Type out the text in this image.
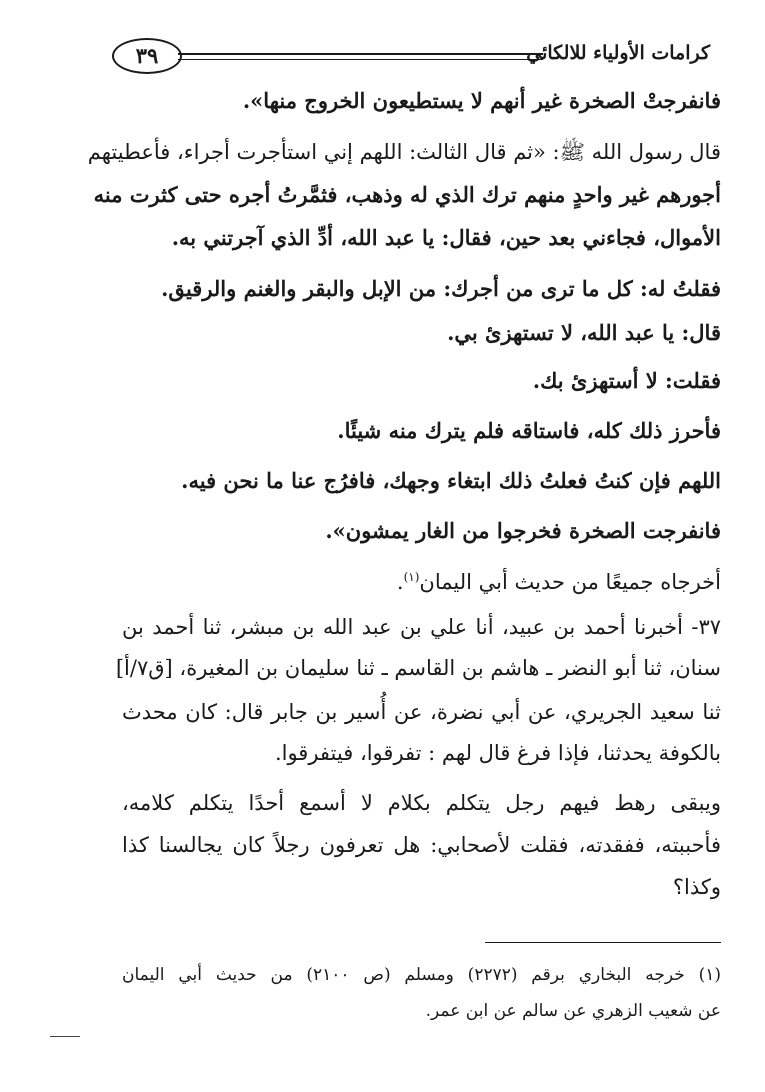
كرامات الأولياء للالكائي
٣٩
فانفرجتْ الصخرة غير أنهم لا يستطيعون الخروج منها».
قال رسول الله ﷺ: «ثم قال الثالث: اللهم إني استأجرت أجراء، فأعطيتهم
أجورهم غير واحدٍ منهم ترك الذي له وذهب، فثمَّرتُ أجره حتى كثرت منه
الأموال، فجاءني بعد حين، فقال: يا عبد الله، أدِّ الذي آجرتني به.
فقلتُ له: كل ما ترى من أجرك: من الإبل والبقر والغنم والرقيق.
قال: يا عبد الله، لا تستهزئ بي.
فقلت: لا أستهزئ بك.
فأحرز ذلك كله، فاستاقه فلم يترك منه شيئًا.
اللهم فإن كنتُ فعلتُ ذلك ابتغاء وجهك، فافرُج عنا ما نحن فيه.
فانفرجت الصخرة فخرجوا من الغار يمشون».
أخرجاه جميعًا من حديث أبي اليمان$^{(١)}$.
٣٧- أخبرنا أحمد بن عبيد، أنا علي بن عبد الله بن مبشر، ثنا أحمد بن
سنان، ثنا أبو النضر ـ هاشم بن القاسم ـ ثنا سليمان بن المغيرة، [ق٧/أ]
ثنا سعيد الجريري، عن أبي نضرة، عن أُسير بن جابر قال: كان محدث
بالكوفة يحدثنا، فإذا فرغ قال لهم : تفرقوا، فيتفرقوا.
ويبقى رهط فيهم رجل يتكلم بكلام لا أسمع أحدًا يتكلم كلامه،
فأحببته، ففقدته، فقلت لأصحابي: هل تعرفون رجلاً كان يجالسنا كذا
وكذا؟
(١) خرجه البخاري برقم (٢٢٧٢) ومسلم (ص ٢١٠٠) من حديث أبي اليمان
عن شعيب الزهري عن سالم عن ابن عمر.
